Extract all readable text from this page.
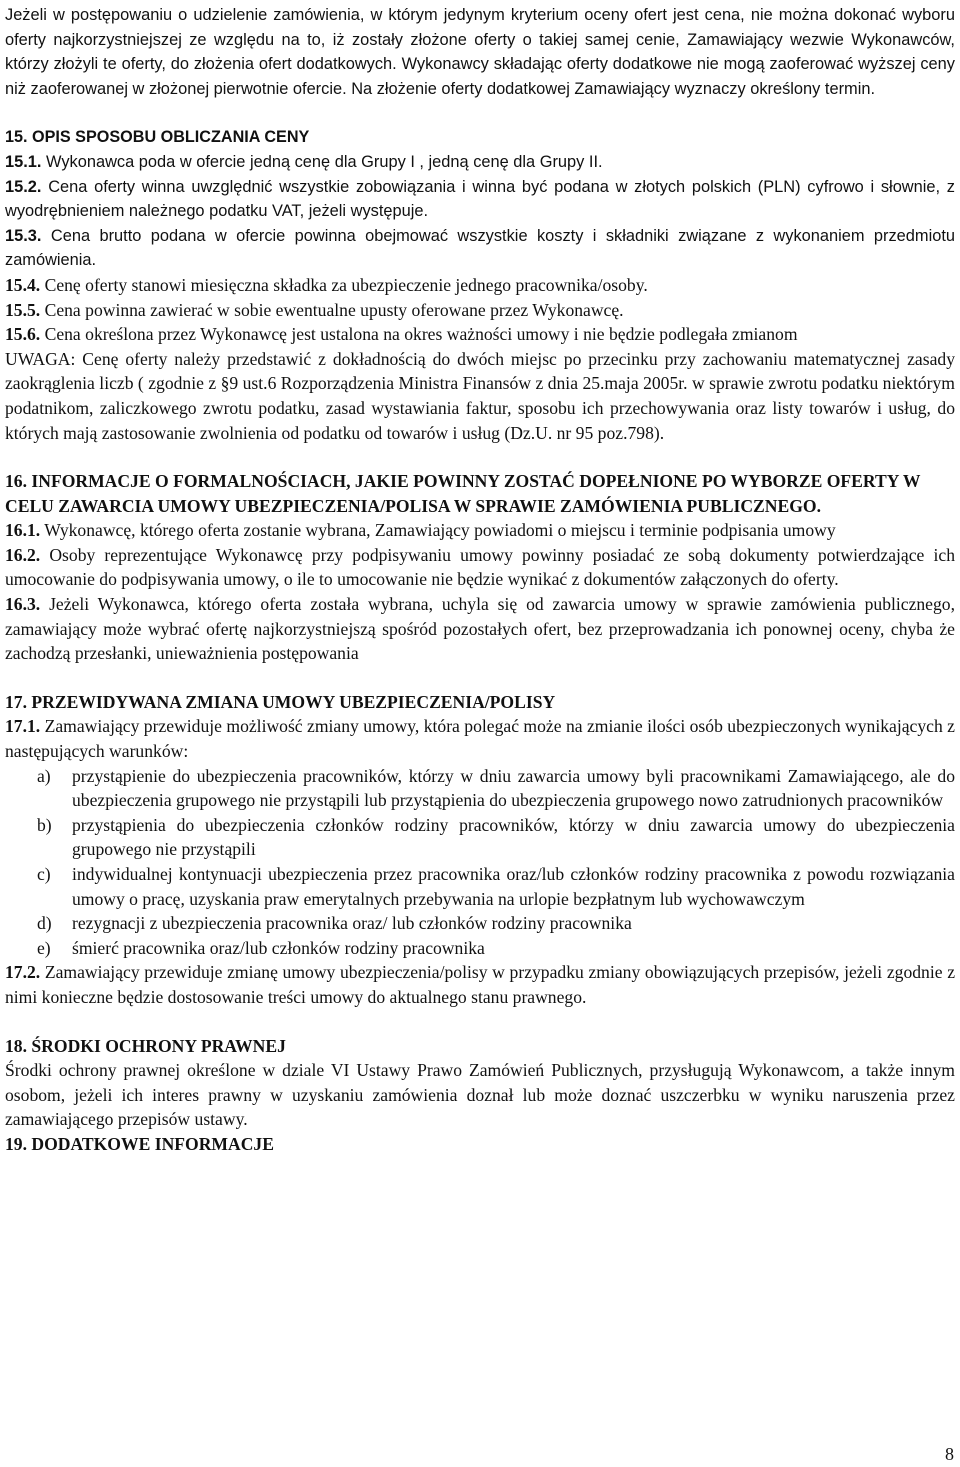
Jeżeli w postępowaniu o udzielenie zamówienia, w którym jedynym kryterium oceny ofert jest cena, nie można dokonać wyboru oferty najkorzystniejszej ze względu na to, iż zostały złożone oferty o takiej samej cenie, Zamawiający wezwie Wykonawców, którzy złożyli te oferty, do złożenia ofert dodatkowych. Wykonawcy składając oferty dodatkowe nie mogą zaoferować wyższej ceny niż zaoferowanej w złożonej pierwotnie ofercie. Na złożenie oferty dodatkowej Zamawiający wyznaczy określony termin.

15. OPIS SPOSOBU OBLICZANIA CENY

15.1. Wykonawca poda w ofercie jedną cenę dla Grupy I , jedną cenę dla Grupy II.

15.2. Cena oferty winna uwzględnić wszystkie zobowiązania i winna być podana w złotych polskich (PLN) cyfrowo i słownie, z wyodrębnieniem należnego podatku VAT, jeżeli występuje.

15.3. Cena brutto podana w ofercie powinna obejmować wszystkie koszty i składniki związane z wykonaniem przedmiotu zamówienia.

15.4. Cenę oferty stanowi miesięczna składka za ubezpieczenie jednego pracownika/osoby.

15.5. Cena powinna zawierać w sobie ewentualne upusty oferowane przez Wykonawcę.

15.6. Cena określona przez Wykonawcę jest ustalona na okres ważności umowy i nie będzie podlegała zmianom

UWAGA: Cenę oferty należy przedstawić z dokładnością do dwóch miejsc po przecinku przy zachowaniu matematycznej zasady zaokrąglenia liczb ( zgodnie z §9 ust.6 Rozporządzenia Ministra Finansów z dnia 25.maja 2005r. w sprawie zwrotu podatku niektórym podatnikom, zaliczkowego zwrotu podatku, zasad wystawiania faktur, sposobu ich przechowywania oraz listy towarów i usług, do których mają zastosowanie zwolnienia od podatku od towarów i usług (Dz.U. nr 95 poz.798).

16. INFORMACJE O FORMALNOŚCIACH, JAKIE POWINNY ZOSTAĆ DOPEŁNIONE PO WYBORZE OFERTY W CELU ZAWARCIA UMOWY UBEZPIECZENIA/POLISA W SPRAWIE ZAMÓWIENIA PUBLICZNEGO.

16.1. Wykonawcę, którego oferta zostanie wybrana, Zamawiający powiadomi o miejscu i terminie podpisania umowy

16.2. Osoby reprezentujące Wykonawcę przy podpisywaniu umowy powinny posiadać ze sobą dokumenty potwierdzające ich umocowanie do podpisywania umowy, o ile to umocowanie nie będzie wynikać z dokumentów załączonych do oferty.

16.3. Jeżeli Wykonawca, którego oferta została wybrana, uchyla się od zawarcia umowy w sprawie zamówienia publicznego, zamawiający może wybrać ofertę najkorzystniejszą spośród pozostałych ofert, bez przeprowadzania ich ponownej oceny, chyba że zachodzą przesłanki, unieważnienia postępowania

17. PRZEWIDYWANA ZMIANA UMOWY UBEZPIECZENIA/POLISY

17.1. Zamawiający przewiduje możliwość zmiany umowy, która polegać może na zmianie ilości osób ubezpieczonych wynikających z następujących warunków:

a) przystąpienie do ubezpieczenia pracowników, którzy w dniu zawarcia umowy byli pracownikami Zamawiającego, ale do ubezpieczenia grupowego nie przystąpili lub przystąpienia do ubezpieczenia grupowego nowo zatrudnionych pracowników
b) przystąpienia do ubezpieczenia członków rodziny pracowników, którzy w dniu zawarcia umowy do ubezpieczenia grupowego nie przystąpili
c) indywidualnej kontynuacji ubezpieczenia przez pracownika oraz/lub członków rodziny pracownika z powodu rozwiązania umowy o pracę, uzyskania praw emerytalnych przebywania na urlopie bezpłatnym lub wychowawczym
d) rezygnacji z ubezpieczenia pracownika oraz/ lub członków rodziny pracownika
e) śmierć pracownika oraz/lub członków rodziny pracownika

17.2. Zamawiający przewiduje zmianę umowy ubezpieczenia/polisy w przypadku zmiany obowiązujących przepisów, jeżeli zgodnie z nimi konieczne będzie dostosowanie treści umowy do aktualnego stanu prawnego.

18. ŚRODKI OCHRONY PRAWNEJ

Środki ochrony prawnej określone w dziale VI Ustawy Prawo Zamówień Publicznych, przysługują Wykonawcom, a także innym osobom, jeżeli ich interes prawny w uzyskaniu zamówienia doznał lub może doznać uszczerbku w wyniku naruszenia przez zamawiającego przepisów ustawy.

19. DODATKOWE INFORMACJE

8
